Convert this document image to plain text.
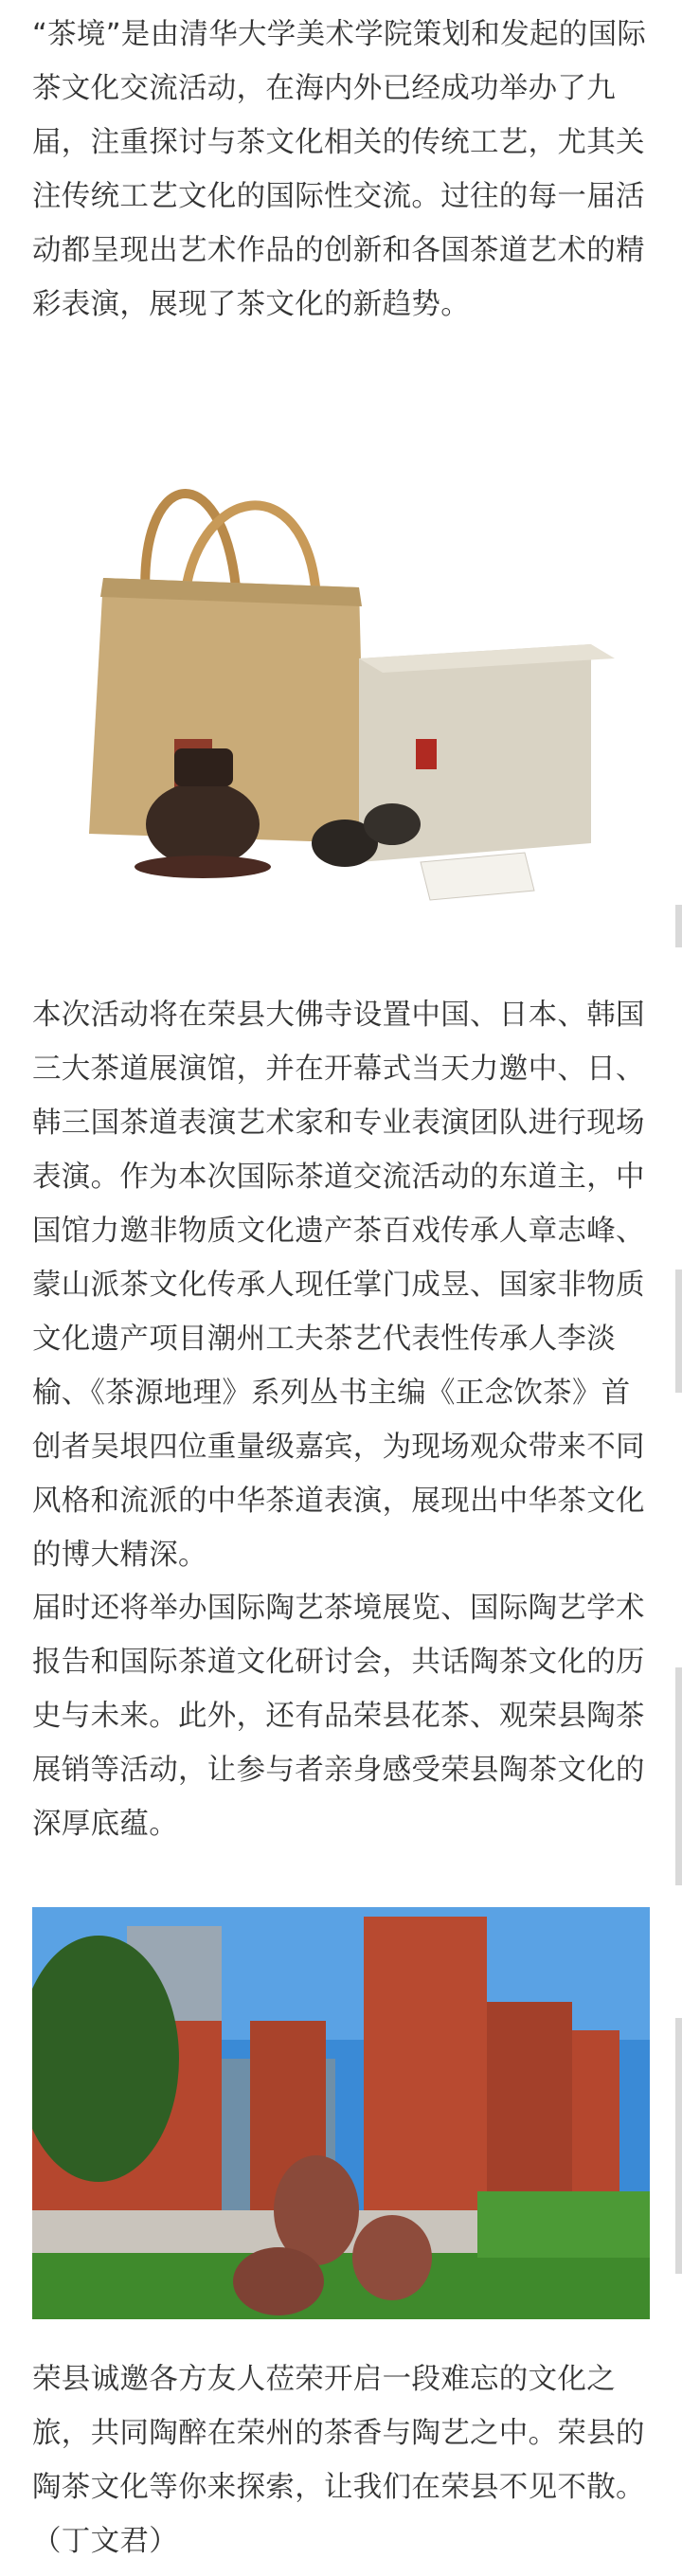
“茶境”是由清华大学美术学院策划和发起的国际茶文化交流活动，在海内外已经成功举办了九届，注重探讨与茶文化相关的传统工艺，尤其关注传统工艺文化的国际性交流。过往的每一届活动都呈现出艺术作品的创新和各国茶道艺术的精彩表演，展现了茶文化的新趋势。

本次活动将在荣县大佛寺设置中国、日本、韩国三大茶道展演馆，并在开幕式当天力邀中、日、韩三国茶道表演艺术家和专业表演团队进行现场表演。作为本次国际茶道交流活动的东道主，中国馆力邀非物质文化遗产茶百戏传承人章志峰、蒙山派茶文化传承人现任掌门成昱、国家非物质文化遗产项目潮州工夫茶艺代表性传承人李淡榆、《茶源地理》系列丛书主编《正念饮茶》首创者吴垠四位重量级嘉宾，为现场观众带来不同风格和流派的中华茶道表演，展现出中华茶文化的博大精深。

届时还将举办国际陶艺茶境展览、国际陶艺学术报告和国际茶道文化研讨会，共话陶茶文化的历史与未来。此外，还有品荣县花茶、观荣县陶茶展销等活动，让参与者亲身感受荣县陶茶文化的深厚底蕴。

荣县诚邀各方友人莅荣开启一段难忘的文化之旅，共同陶醉在荣州的茶香与陶艺之中。荣县的陶茶文化等你来探索，让我们在荣县不见不散。（丁文君）
